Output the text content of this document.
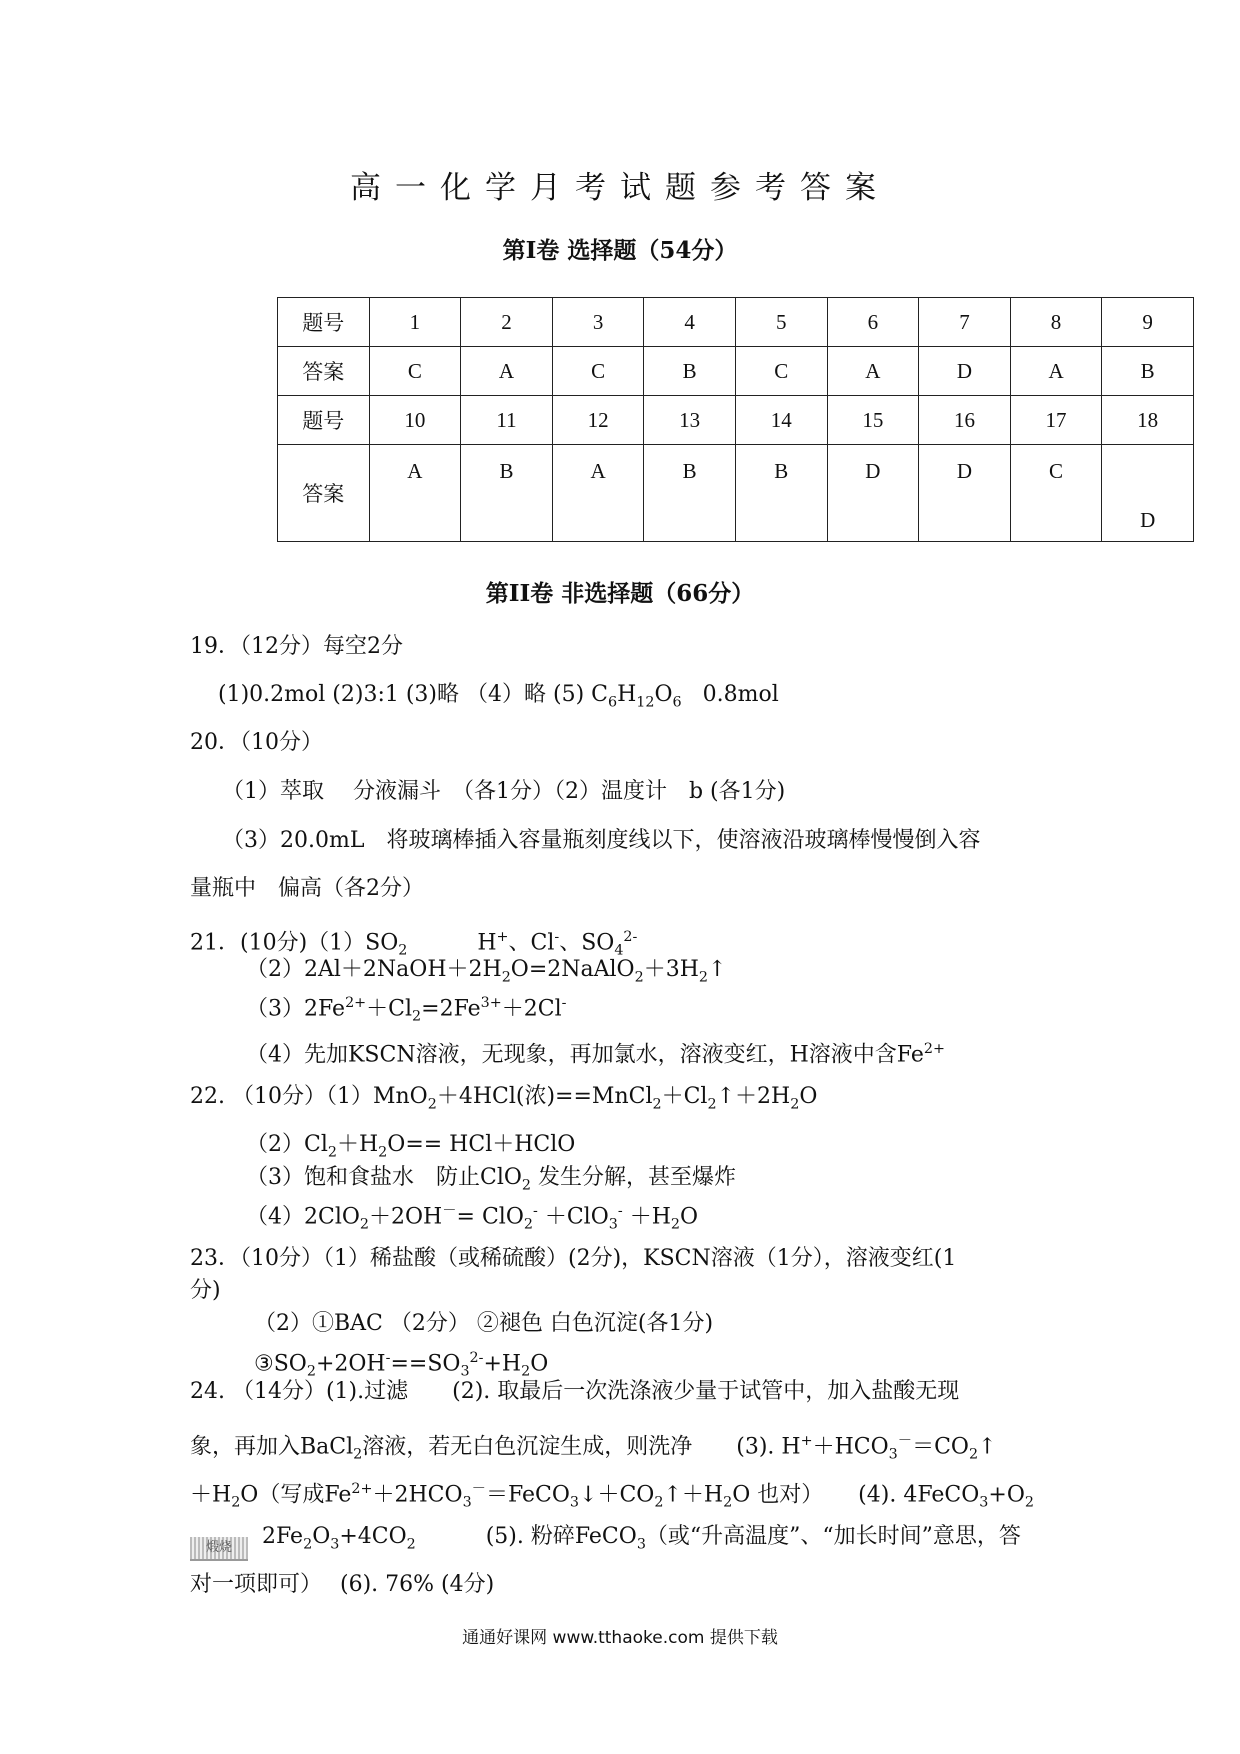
高一化学月考试题参考答案
第I卷 选择题（54分）
题号	1	2	3	4	5	6	7	8	9
答案	C	A	C	B	C	A	D	A	B
题号	10	11	12	13	14	15	16	17	18
答案	A	B	A	B	B	D	D	C	D
第II卷 非选择题（66分）
19．（12分）每空2分
(1)0.2mol (2)3:1 (3)略 （4）略 (5) $C_6H_{12}O_6$ 0.8mol
20．（10分）
（1）萃取　 分液漏斗　（各1分）（2）温度计　b (各1分)
（3）20.0mL　将玻璃棒插入容量瓶刻度线以下，使溶液沿玻璃棒慢慢倒入容
量瓶中　偏高（各2分）
21．(10分)$(1)SO_2$	H+、Cl-、$SO_4^{2-}$
$(2)2Al+2NaOH+2H_2O=2NaAlO_2+3H_2↑$
$(3)2Fe^{2+}+Cl_2=2Fe^{3+}+2Cl^-$
（4）先加KSCN溶液，无现象，再加氯水，溶液变红，H溶液中含$Fe^{2+}$
22. （10分）（1）MnO$_2$＋4HCl(浓)$==MnCl_2+Cl_2↑+2H_2O$
$(2)Cl_2+H_2O==$ HCl＋HClO
（3）饱和食盐水　防止ClO$_2$ 发生分解，甚至爆炸
$(4)2ClO_2+2OH^-= ClO_2^- +ClO_3^- +H_2O$
23．（10分）（1）稀盐酸（或稀硫酸）(2分)，KSCN溶液（1分），溶液变红(1
分)
（2）①BAC （2分） ②褪色 白色沉淀(各1分)
$③SO_2+2OH^-==SO_3^{2-}+H_2O$
24. （14分）(1).过滤　　(2). 取最后一次洗涤液少量于试管中，加入盐酸无现
象，再加入BaCl$_2$溶液，若无白色沉淀生成，则洗净　　(3). $H^++HCO_3^-=CO_2↑$
$+H_2O$（写成$Fe^{2+}+2HCO_3^-=FeCO_3↓+CO_2↑+H_2O$ 也对）     (4). $4FeCO_3+O_2$
煅烧	$2Fe_2O_3+4CO_2$	(5). 粉碎FeCO$_3$（或“升高温度”、“加长时间”意思，答
对一项即可）　 (6). 76% (4分)
通通好课网 www.tthaoke.com 提供下载
